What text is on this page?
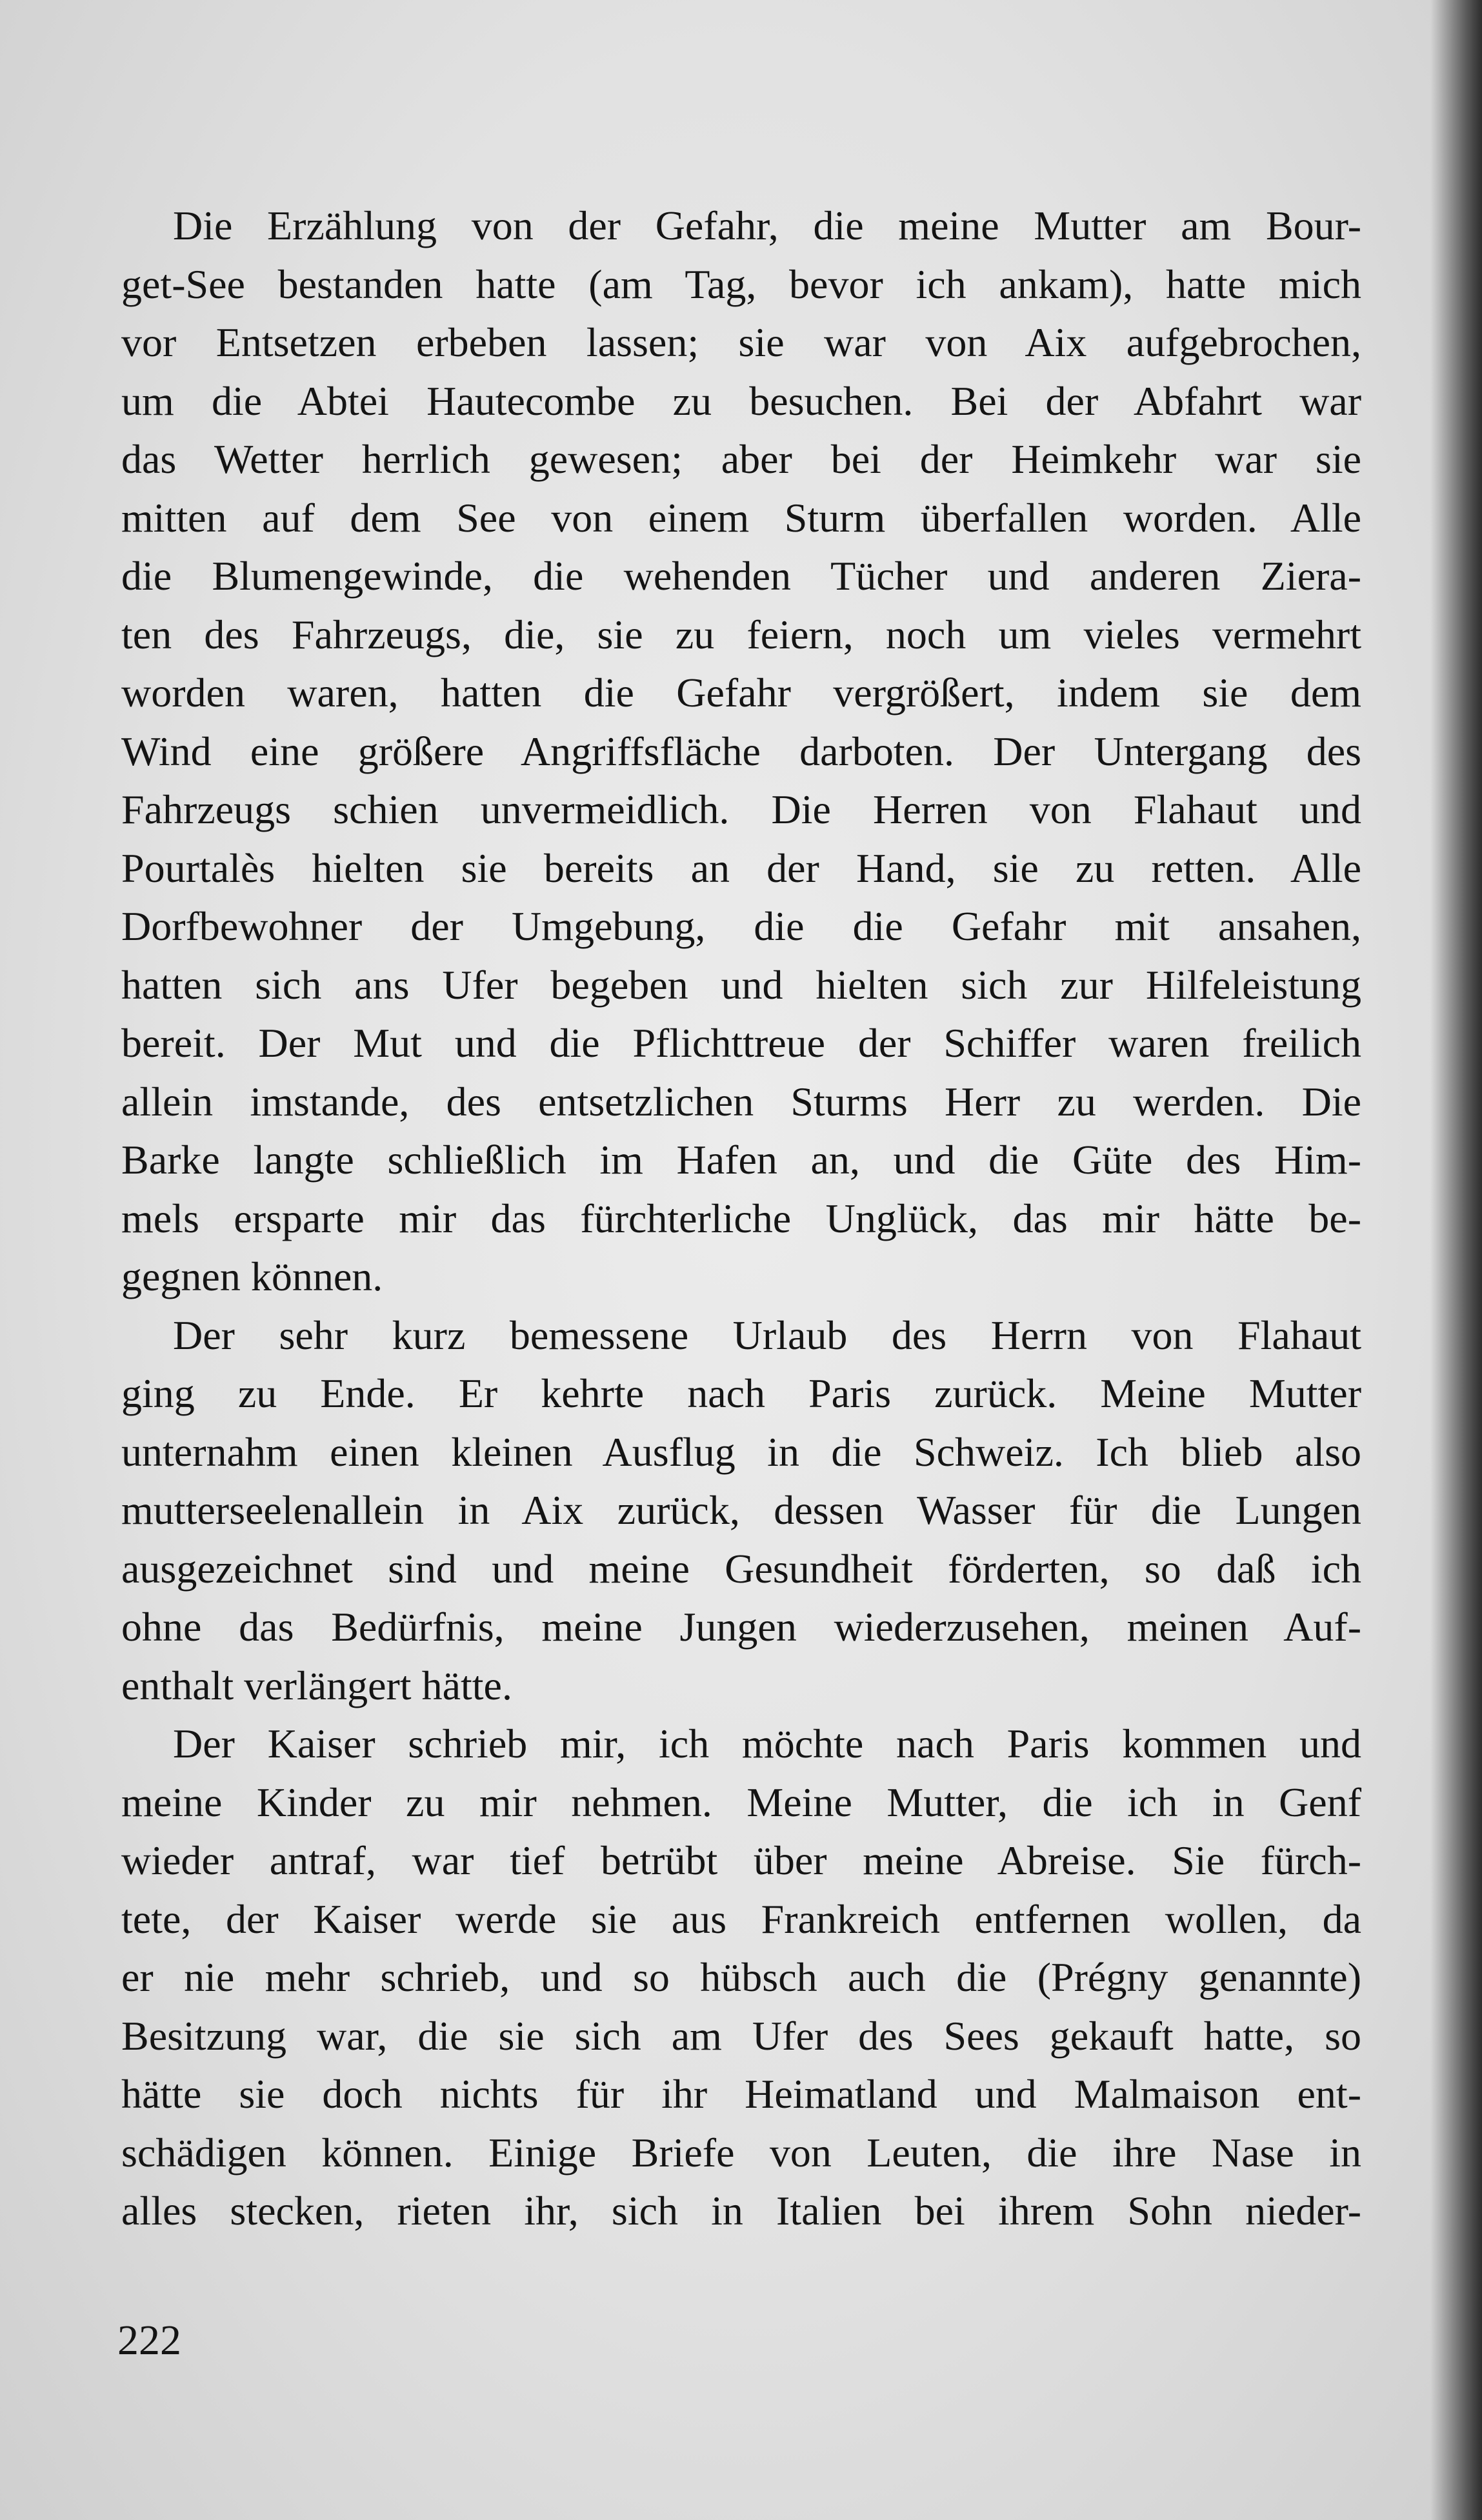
Die Erzählung von der Gefahr, die meine Mutter am Bour-
get-See bestanden hatte (am Tag, bevor ich ankam), hatte mich
vor Entsetzen erbeben lassen; sie war von Aix aufgebrochen,
um die Abtei Hautecombe zu besuchen. Bei der Abfahrt war
das Wetter herrlich gewesen; aber bei der Heimkehr war sie
mitten auf dem See von einem Sturm überfallen worden. Alle
die Blumengewinde, die wehenden Tücher und anderen Ziera-
ten des Fahrzeugs, die, sie zu feiern, noch um vieles vermehrt
worden waren, hatten die Gefahr vergrößert, indem sie dem
Wind eine größere Angriffsfläche darboten. Der Untergang des
Fahrzeugs schien unvermeidlich. Die Herren von Flahaut und
Pourtalès hielten sie bereits an der Hand, sie zu retten. Alle
Dorfbewohner der Umgebung, die die Gefahr mit ansahen,
hatten sich ans Ufer begeben und hielten sich zur Hilfeleistung
bereit. Der Mut und die Pflichttreue der Schiffer waren freilich
allein imstande, des entsetzlichen Sturms Herr zu werden. Die
Barke langte schließlich im Hafen an, und die Güte des Him-
mels ersparte mir das fürchterliche Unglück, das mir hätte be-
gegnen können.

Der sehr kurz bemessene Urlaub des Herrn von Flahaut
ging zu Ende. Er kehrte nach Paris zurück. Meine Mutter
unternahm einen kleinen Ausflug in die Schweiz. Ich blieb also
mutterseelenallein in Aix zurück, dessen Wasser für die Lungen
ausgezeichnet sind und meine Gesundheit förderten, so daß ich
ohne das Bedürfnis, meine Jungen wiederzusehen, meinen Auf-
enthalt verlängert hätte.

Der Kaiser schrieb mir, ich möchte nach Paris kommen und
meine Kinder zu mir nehmen. Meine Mutter, die ich in Genf
wieder antraf, war tief betrübt über meine Abreise. Sie fürch-
tete, der Kaiser werde sie aus Frankreich entfernen wollen, da
er nie mehr schrieb, und so hübsch auch die (Prégny genannte)
Besitzung war, die sie sich am Ufer des Sees gekauft hatte, so
hätte sie doch nichts für ihr Heimatland und Malmaison ent-
schädigen können. Einige Briefe von Leuten, die ihre Nase in
alles stecken, rieten ihr, sich in Italien bei ihrem Sohn nieder-

222
